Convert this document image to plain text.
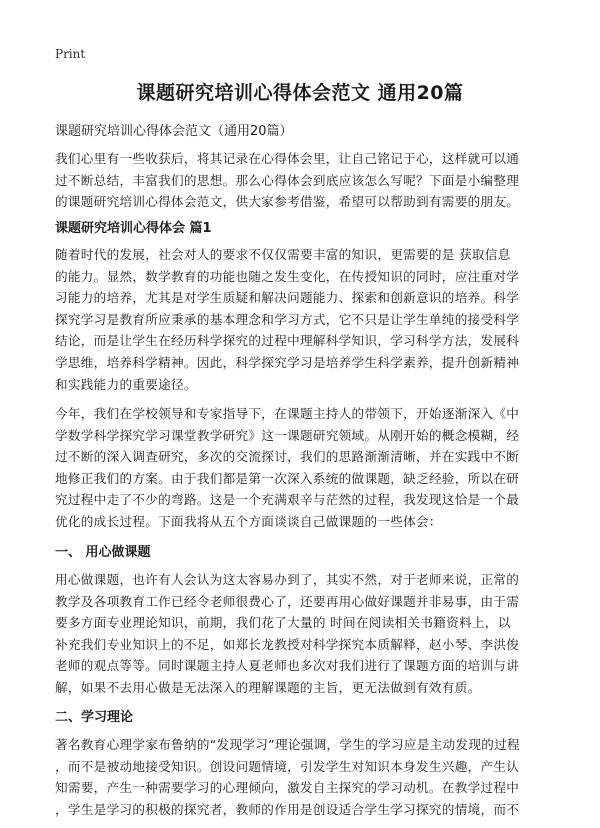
Print
课题研究培训心得体会范文 通用20篇
课题研究培训心得体会范文（通用20篇）
我们心里有一些收获后，将其记录在心得体会里，让自己铭记于心，这样就可以通
过不断总结，丰富我们的思想。那么心得体会到底应该怎么写呢？下面是小编整理
的课题研究培训心得体会范文，供大家参考借鉴，希望可以帮助到有需要的朋友。
课题研究培训心得体会 篇1
随着时代的发展，社会对人的要求不仅仅需要丰富的知识，更需要的是 获取信息
的能力。显然，数学教育的功能也随之发生变化，在传授知识的同时，应注重对学
习能力的培养，尤其是对学生质疑和解决问题能力、探索和创新意识的培养。科学
探究学习是教育所应秉承的基本理念和学习方式，它不只是让学生单纯的接受科学
结论，而是让学生在经历科学探究的过程中理解科学知识，学习科学方法，发展科
学思维，培养科学精神。因此，科学探究学习是培养学生科学素养，提升创新精神
和实践能力的重要途径。
今年，我们在学校领导和专家指导下，在课题主持人的带领下，开始逐渐深入《中
学数学科学探究学习课堂教学研究》这一课题研究领域。从刚开始的概念模糊，经
过不断的深入调查研究，多次的交流探讨，我们的思路渐渐清晰，并在实践中不断
地修正我们的方案。由于我们都是第一次深入系统的做课题，缺乏经验，所以在研
究过程中走了不少的弯路。这是一个充满艰辛与茫然的过程，我发现这恰是一个最
优化的成长过程。下面我将从五个方面谈谈自己做课题的一些体会：
一、 用心做课题
用心做课题，也许有人会认为这太容易办到了，其实不然，对于老师来说，正常的
教学及各项教育工作已经令老师很费心了，还要再用心做好课题并非易事，由于需
要多方面专业理论知识，前期，我们花了大量的 时间在阅读相关书籍资料上，以
补充我们专业知识上的不足，如郑长龙教授对科学探究本质解释，赵小琴、李洪俊
老师的观点等等。同时课题主持人夏老师也多次对我们进行了课题方面的培训与讲
解，如果不去用心做是无法深入的理解课题的主旨，更无法做到有效有质。
二、学习理论
著名教育心理学家布鲁纳的“发现学习”理论强调，学生的学习应是主动发现的过程
，而不是被动地接受知识。创设问题情境，引发学生对知识本身发生兴趣，产生认
知需要，产生一种需要学习的心理倾向，激发自主探究的学习动机。在教学过程中
，学生是学习的积极的探究者，教师的作用是创设适合学生学习探究的情境，而不
